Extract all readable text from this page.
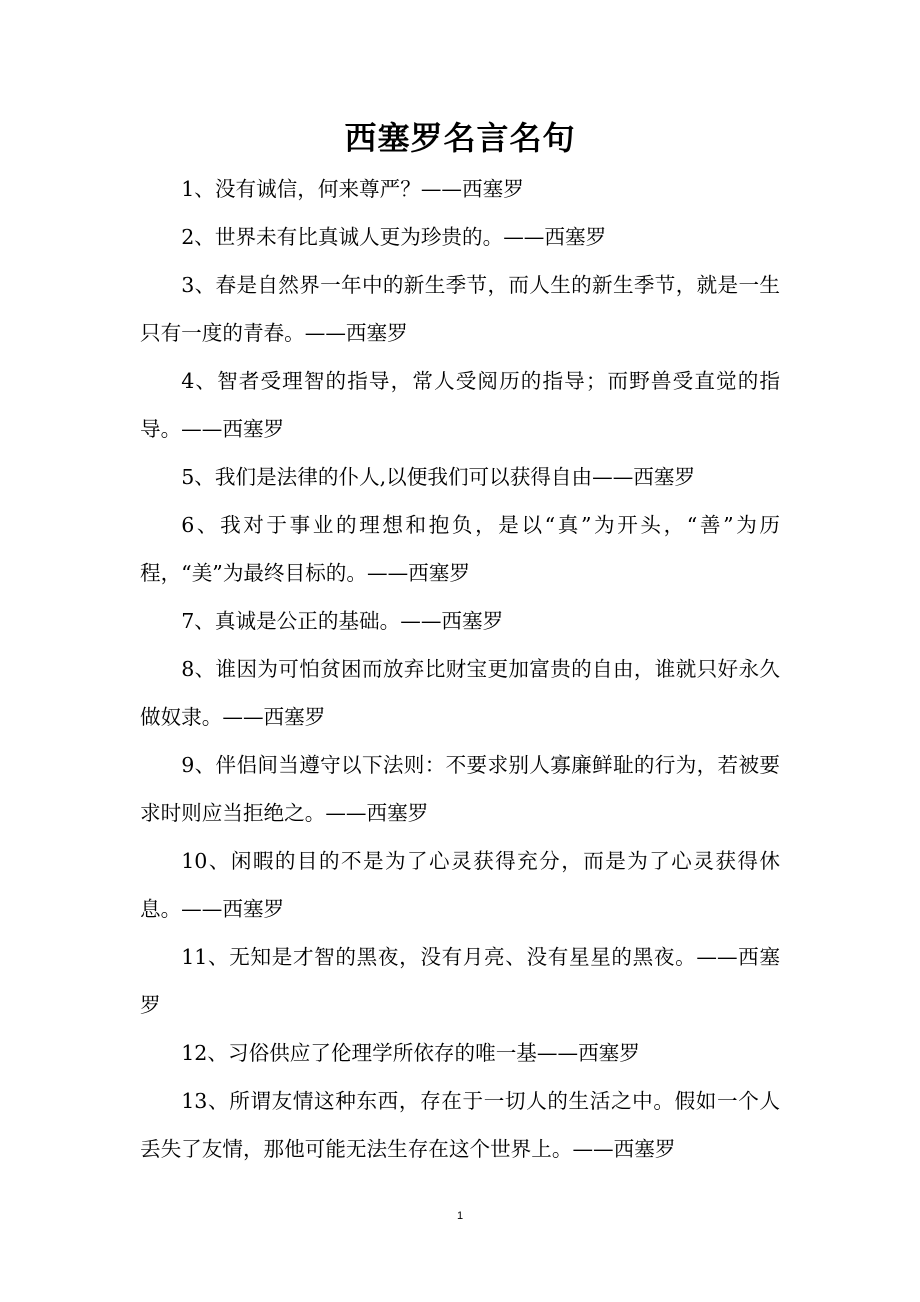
西塞罗名言名句

1、没有诚信，何来尊严？——西塞罗

2、世界未有比真诚人更为珍贵的。——西塞罗

3、春是自然界一年中的新生季节，而人生的新生季节，就是一生只有一度的青春。——西塞罗

4、智者受理智的指导，常人受阅历的指导；而野兽受直觉的指导。——西塞罗

5、我们是法律的仆人,以便我们可以获得自由——西塞罗

6、我对于事业的理想和抱负，是以“真”为开头，“善”为历程，“美”为最终目标的。——西塞罗

7、真诚是公正的基础。——西塞罗

8、谁因为可怕贫困而放弃比财宝更加富贵的自由，谁就只好永久做奴隶。——西塞罗

9、伴侣间当遵守以下法则：不要求别人寡廉鲜耻的行为，若被要求时则应当拒绝之。——西塞罗

10、闲暇的目的不是为了心灵获得充分，而是为了心灵获得休息。——西塞罗

11、无知是才智的黑夜，没有月亮、没有星星的黑夜。——西塞罗

12、习俗供应了伦理学所依存的唯一基——西塞罗

13、所谓友情这种东西，存在于一切人的生活之中。假如一个人丢失了友情，那他可能无法生存在这个世界上。——西塞罗

1
